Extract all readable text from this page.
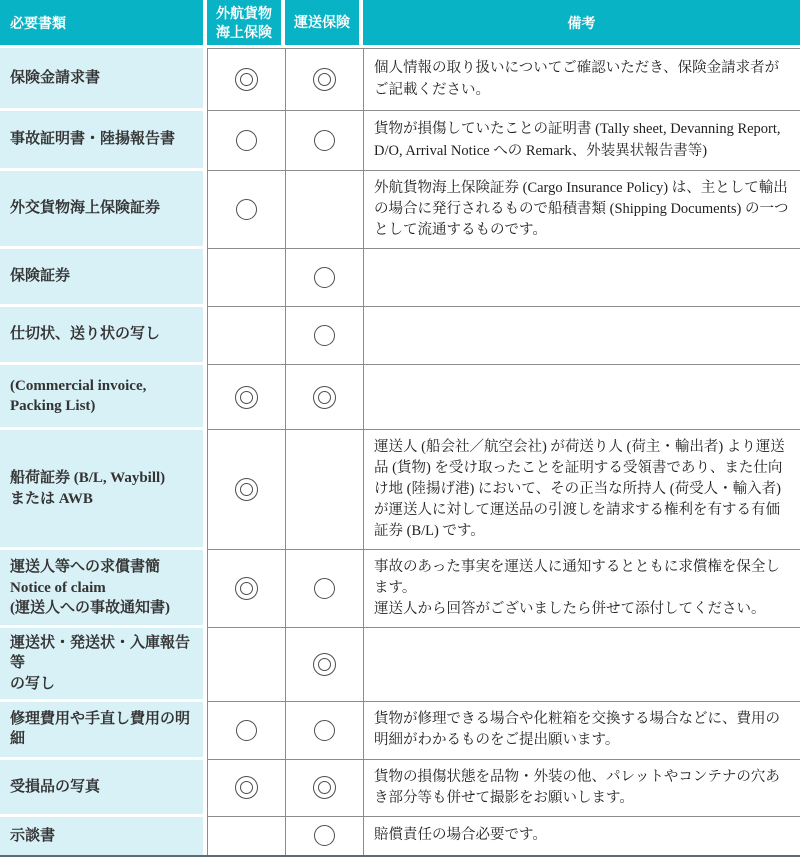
必要書類
外航貨物
海上保険
運送保険	備考
保険金請求書
個人情報の取り扱いについてご確認いただき、保険金請求者がご記載ください。
事故証明書・陸揚報告書
貨物が損傷していたことの証明書 (Tally sheet, Devanning Report, D/O, Arrival Notice への Remark、外装異状報告書等)
外交貨物海上保険証券
外航貨物海上保険証券 (Cargo Insurance Policy) は、主として輸出の場合に発行されるもので船積書類 (Shipping Documents) の一つとして流通するものです。
保険証券
仕切状、送り状の写し
(Commercial invoice,
Packing List)
船荷証券 (B/L, Waybill)
または AWB
運送人 (船会社／航空会社) が荷送り人 (荷主・輸出者) より運送品 (貨物) を受け取ったことを証明する受領書であり、また仕向け地 (陸揚げ港) において、その正当な所持人 (荷受人・輸入者) が運送人に対して運送品の引渡しを請求する権利を有する有価証券 (B/L) です。
運送人等への求償書簡
Notice of claim
(運送人への事故通知書)
事故のあった事実を運送人に通知するとともに求償権を保全します。
運送人から回答がございましたら併せて添付してください。
運送状・発送状・入庫報告等
の写し
修理費用や手直し費用の明細
貨物が修理できる場合や化粧箱を交換する場合などに、費用の明細がわかるものをご提出願います。
受損品の写真
貨物の損傷状態を品物・外装の他、パレットやコンテナの穴あき部分等も併せて撮影をお願いします。
示談書	賠償責任の場合必要です。
